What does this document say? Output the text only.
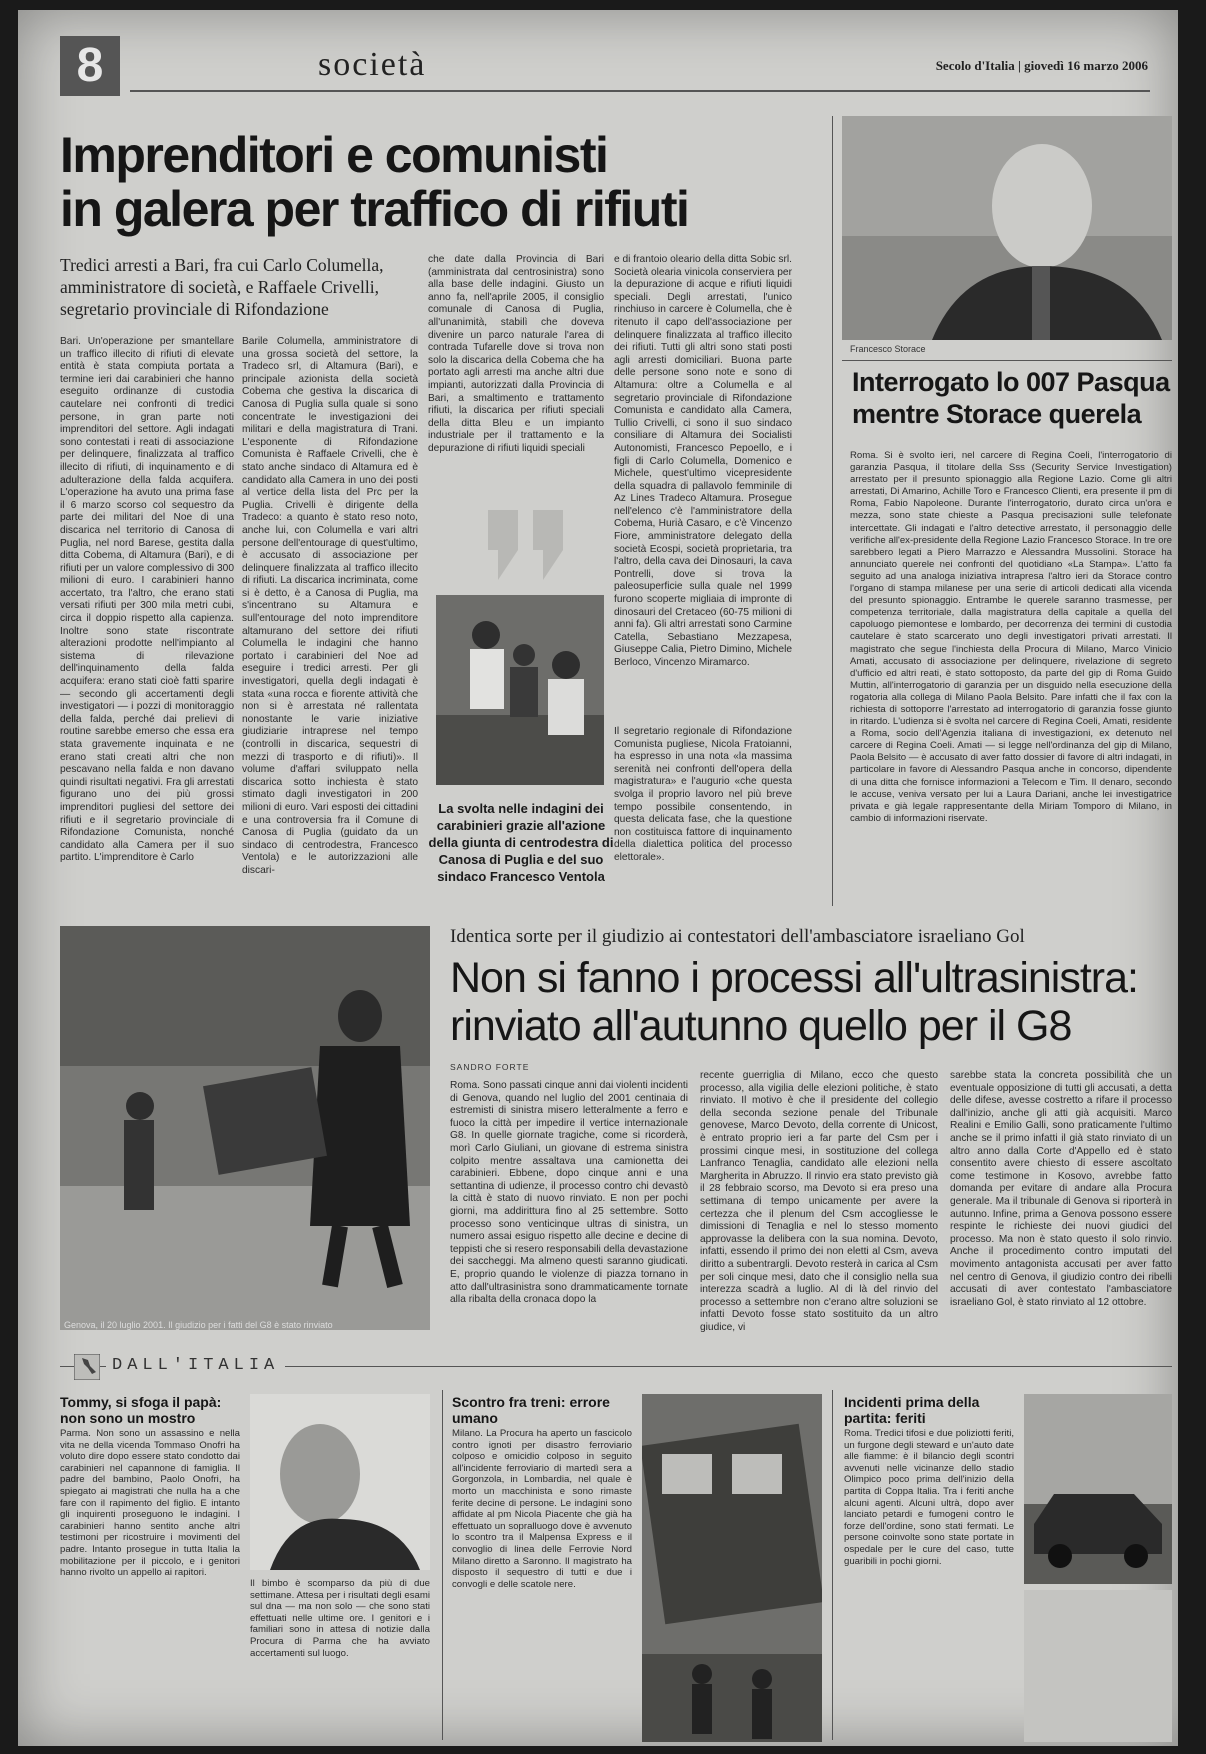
8	società	Secolo d'Italia | giovedì 16 marzo 2006
Imprenditori e comunisti
in galera per traffico di rifiuti
Tredici arresti a Bari, fra cui Carlo Columella, amministratore di società, e Raffaele Crivelli, segretario provinciale di Rifondazione

Bari. Un'operazione per smantellare un traffico illecito di rifiuti di elevate entità è stata compiuta portata a termine ieri dai carabinieri che hanno eseguito ordinanze di custodia cautelare nei confronti di tredici persone, in gran parte noti imprenditori del settore. Agli indagati sono contestati i reati di associazione per delinquere, finalizzata al traffico illecito di rifiuti, di inquinamento e di adulterazione della falda acquifera. L'operazione ha avuto una prima fase il 6 marzo scorso col sequestro da parte dei militari del Noe di una discarica nel territorio di Canosa di Puglia, nel nord Barese, gestita dalla ditta Cobema, di Altamura (Bari), e di rifiuti per un valore complessivo di 300 milioni di euro. I carabinieri hanno accertato, tra l'altro, che erano stati versati rifiuti per 300 mila metri cubi, circa il doppio rispetto alla capienza. Inoltre sono state riscontrate alterazioni prodotte nell'impianto al sistema di rilevazione dell'inquinamento della falda acquifera: erano stati cioè fatti sparire — secondo gli accertamenti degli investigatori — i pozzi di monitoraggio della falda, perché dai prelievi di routine sarebbe emerso che essa era stata gravemente inquinata e ne erano stati creati altri che non pescavano nella falda e non davano quindi risultati negativi. Fra gli arrestati figurano uno dei più grossi imprenditori pugliesi del settore dei rifiuti e il segretario provinciale di Rifondazione Comunista, nonché candidato alla Camera per il suo partito. L'imprenditore è Carlo

Barile Columella, amministratore di una grossa società del settore, la Tradeco srl, di Altamura (Bari), e principale azionista della società Cobema che gestiva la discarica di Canosa di Puglia sulla quale si sono concentrate le investigazioni dei militari e della magistratura di Trani. L'esponente di Rifondazione Comunista è Raffaele Crivelli, che è stato anche sindaco di Altamura ed è candidato alla Camera in uno dei posti al vertice della lista del Prc per la Puglia. Crivelli è dirigente della Tradeco: a quanto è stato reso noto, anche lui, con Columella e vari altri persone dell'entourage di quest'ultimo, è accusato di associazione per delinquere finalizzata al traffico illecito di rifiuti. La discarica incriminata, come si è detto, è a Canosa di Puglia, ma s'incentrano su Altamura e sull'entourage del noto imprenditore altamurano del settore dei rifiuti Columella le indagini che hanno portato i carabinieri del Noe ad eseguire i tredici arresti. Per gli investigatori, quella degli indagati è stata «una rocca e fiorente attività che non si è arrestata né rallentata nonostante le varie iniziative giudiziarie intraprese nel tempo (controlli in discarica, sequestri di mezzi di trasporto e di rifiuti)». Il volume d'affari sviluppato nella discarica sotto inchiesta è stato stimato dagli investigatori in 200 milioni di euro. Vari esposti dei cittadini e una controversia fra il Comune di Canosa di Puglia (guidato da un sindaco di centrodestra, Francesco Ventola) e le autorizzazioni alle discari-

che date dalla Provincia di Bari (amministrata dal centrosinistra) sono alla base delle indagini. Giusto un anno fa, nell'aprile 2005, il consiglio comunale di Canosa di Puglia, all'unanimità, stabilì che doveva divenire un parco naturale l'area di contrada Tufarelle dove si trova non solo la discarica della Cobema che ha portato agli arresti ma anche altri due impianti, autorizzati dalla Provincia di Bari, a smaltimento e trattamento rifiuti, la discarica per rifiuti speciali della ditta Bleu e un impianto industriale per il trattamento e la depurazione di rifiuti liquidi speciali

e di frantoio oleario della ditta Sobic srl. Società olearia vinicola conserviera per la depurazione di acque e rifiuti liquidi speciali. Degli arrestati, l'unico rinchiuso in carcere è Columella, che è ritenuto il capo dell'associazione per delinquere finalizzata al traffico illecito dei rifiuti. Tutti gli altri sono stati posti agli arresti domiciliari. Buona parte delle persone sono note e sono di Altamura: oltre a Columella e al segretario provinciale di Rifondazione Comunista e candidato alla Camera, Tullio Crivelli, ci sono il suo sindaco consiliare di Altamura dei Socialisti Autonomisti, Francesco Pepoello, e i figli di Carlo Columella, Domenico e Michele, quest'ultimo vicepresidente della squadra di pallavolo femminile di Az Lines Tradeco Altamura. Prosegue nell'elenco c'è l'amministratore della Cobema, Hurià Casaro, e c'è Vincenzo Fiore, amministratore delegato della società Ecospi, società proprietaria, tra l'altro, della cava dei Dinosauri, la cava Pontrelli, dove si trova la paleosuperficie sulla quale nel 1999 furono scoperte migliaia di impronte di dinosauri del Cretaceo (60-75 milioni di anni fa). Gli altri arrestati sono Carmine Catella, Sebastiano Mezzapesa, Giuseppe Calia, Pietro Dimino, Michele Berloco, Vincenzo Miramarco.

Il segretario regionale di Rifondazione Comunista pugliese, Nicola Fratoianni, ha espresso in una nota «la massima serenità nei confronti dell'opera della magistratura» e l'augurio «che questa svolga il proprio lavoro nel più breve tempo possibile consentendo, in questa delicata fase, che la questione non costituisca fattore di inquinamento della dialettica politica del processo elettorale».

La svolta nelle indagini dei carabinieri grazie all'azione della giunta di centrodestra di Canosa di Puglia e del suo sindaco Francesco Ventola
Francesco Storace
Interrogato lo 007 Pasqua
mentre Storace querela

Roma. Si è svolto ieri, nel carcere di Regina Coeli, l'interrogatorio di garanzia Pasqua, il titolare della Sss (Security Service Investigation) arrestato per il presunto spionaggio alla Regione Lazio. Come gli altri arrestati, Di Amarino, Achille Toro e Francesco Clienti, era presente il pm di Roma, Fabio Napoleone. Durante l'interrogatorio, durato circa un'ora e mezza, sono state chieste a Pasqua precisazioni sulle telefonate intercettate. Gli indagati e l'altro detective arrestato, il personaggio delle verifiche all'ex-presidente della Regione Lazio Francesco Storace. In tre ore sarebbero legati a Piero Marrazzo e Alessandra Mussolini. Storace ha annunciato querele nei confronti del quotidiano «La Stampa». L'atto fa seguito ad una analoga iniziativa intrapresa l'altro ieri da Storace contro l'organo di stampa milanese per una serie di articoli dedicati alla vicenda del presunto spionaggio. Entrambe le querele saranno trasmesse, per competenza territoriale, dalla magistratura della capitale a quella del capoluogo piemontese e lombardo, per decorrenza dei termini di custodia cautelare è stato scarcerato uno degli investigatori privati arrestati. Il magistrato che segue l'inchiesta della Procura di Milano, Marco Vinicio Amati, accusato di associazione per delinquere, rivelazione di segreto d'ufficio ed altri reati, è stato sottoposto, da parte del gip di Roma Guido Muttin, all'interrogatorio di garanzia per un disguido nella esecuzione della rogatoria alla collega di Milano Paola Belsito. Pare infatti che il fax con la richiesta di sottoporre l'arrestato ad interrogatorio di garanzia fosse giunto in ritardo. L'udienza si è svolta nel carcere di Regina Coeli, Amati, residente a Roma, socio dell'Agenzia italiana di investigazioni, ex detenuto nel carcere di Regina Coeli. Amati — si legge nell'ordinanza del gip di Milano, Paola Belsito — è accusato di aver fatto dossier di favore di altri indagati, in particolare in favore di Alessandro Pasqua anche in concorso, dipendente di una ditta che fornisce informazioni a Telecom e Tim. Il denaro, secondo le accuse, veniva versato per lui a Laura Dariani, anche lei investigatrice privata e già legale rappresentante della Miriam Tomporo di Milano, in cambio di informazioni riservate.

Genova, il 20 luglio 2001. Il giudizio per i fatti del G8 è stato rinviato
Identica sorte per il giudizio ai contestatori dell'ambasciatore israeliano Gol
Non si fanno i processi all'ultrasinistra:
rinviato all'autunno quello per il G8
SANDRO FORTE

Roma. Sono passati cinque anni dai violenti incidenti di Genova, quando nel luglio del 2001 centinaia di estremisti di sinistra misero letteralmente a ferro e fuoco la città per impedire il vertice internazionale G8. In quelle giornate tragiche, come si ricorderà, morì Carlo Giuliani, un giovane di estrema sinistra colpito mentre assaltava una camionetta dei carabinieri. Ebbene, dopo cinque anni e una settantina di udienze, il processo contro chi devastò la città è stato di nuovo rinviato. E non per pochi giorni, ma addirittura fino al 25 settembre. Sotto processo sono venticinque ultras di sinistra, un numero assai esiguo rispetto alle decine e decine di teppisti che si resero responsabili della devastazione dei saccheggi. Ma almeno questi saranno giudicati. E, proprio quando le violenze di piazza tornano in atto dall'ultrasinistra sono drammaticamente tornate alla ribalta della cronaca dopo la

recente guerriglia di Milano, ecco che questo processo, alla vigilia delle elezioni politiche, è stato rinviato. Il motivo è che il presidente del collegio della seconda sezione penale del Tribunale genovese, Marco Devoto, della corrente di Unicost, è entrato proprio ieri a far parte del Csm per i prossimi cinque mesi, in sostituzione del collega Lanfranco Tenaglia, candidato alle elezioni nella Margherita in Abruzzo. Il rinvio era stato previsto già il 28 febbraio scorso, ma Devoto si era preso una settimana di tempo unicamente per avere la certezza che il plenum del Csm accogliesse le dimissioni di Tenaglia e nel lo stesso momento approvasse la delibera con la sua nomina. Devoto, infatti, essendo il primo dei non eletti al Csm, aveva diritto a subentrargli. Devoto resterà in carica al Csm per soli cinque mesi, dato che il consiglio nella sua interezza scadrà a luglio. Al di là del rinvio del processo a settembre non c'erano altre soluzioni se infatti Devoto fosse stato sostituito da un altro giudice, vi

sarebbe stata la concreta possibilità che un eventuale opposizione di tutti gli accusati, a detta delle difese, avesse costretto a rifare il processo dall'inizio, anche gli atti già acquisiti. Marco Realini e Emilio Galli, sono praticamente l'ultimo anche se il primo infatti il già stato rinviato di un altro anno dalla Corte d'Appello ed è stato consentito avere chiesto di essere ascoltato come testimone in Kosovo, avrebbe fatto domanda per evitare di andare alla Procura generale. Ma il tribunale di Genova si riporterà in autunno. Infine, prima a Genova possono essere respinte le richieste dei nuovi giudici del processo. Ma non è stato questo il solo rinvio. Anche il procedimento contro imputati del movimento antagonista accusati per aver fatto nel centro di Genova, il giudizio contro dei ribelli accusati di aver contestato l'ambasciatore israeliano Gol, è stato rinviato al 12 ottobre.

DALL'ITALIA
Tommy, si sfoga il papà: non sono un mostro

Parma. Non sono un assassino e nella vita ne della vicenda Tommaso Onofri ha voluto dire dopo essere stato condotto dai carabinieri nel capannone di famiglia. Il padre del bambino, Paolo Onofri, ha spiegato ai magistrati che nulla ha a che fare con il rapimento del figlio. E intanto gli inquirenti proseguono le indagini. I carabinieri hanno sentito anche altri testimoni per ricostruire i movimenti del padre. Intanto prosegue in tutta Italia la mobilitazione per il piccolo, e i genitori hanno rivolto un appello ai rapitori.

Il bimbo è scomparso da più di due settimane. Attesa per i risultati degli esami sul dna — ma non solo — che sono stati effettuati nelle ultime ore. I genitori e i familiari sono in attesa di notizie dalla Procura di Parma che ha avviato accertamenti sul luogo.

Scontro fra treni: errore umano

Milano. La Procura ha aperto un fascicolo contro ignoti per disastro ferroviario colposo e omicidio colposo in seguito all'incidente ferroviario di martedì sera a Gorgonzola, in Lombardia, nel quale è morto un macchinista e sono rimaste ferite decine di persone. Le indagini sono affidate al pm Nicola Piacente che già ha effettuato un sopralluogo dove è avvenuto lo scontro tra il Malpensa Express e il convoglio di linea delle Ferrovie Nord Milano diretto a Saronno. Il magistrato ha disposto il sequestro di tutti e due i convogli e delle scatole nere.

Incidenti prima della partita: feriti

Roma. Tredici tifosi e due poliziotti feriti, un furgone degli steward e un'auto date alle fiamme: è il bilancio degli scontri avvenuti nelle vicinanze dello stadio Olimpico poco prima dell'inizio della partita di Coppa Italia. Tra i feriti anche alcuni agenti. Alcuni ultrà, dopo aver lanciato petardi e fumogeni contro le forze dell'ordine, sono stati fermati. Le persone coinvolte sono state portate in ospedale per le cure del caso, tutte guaribili in pochi giorni.
